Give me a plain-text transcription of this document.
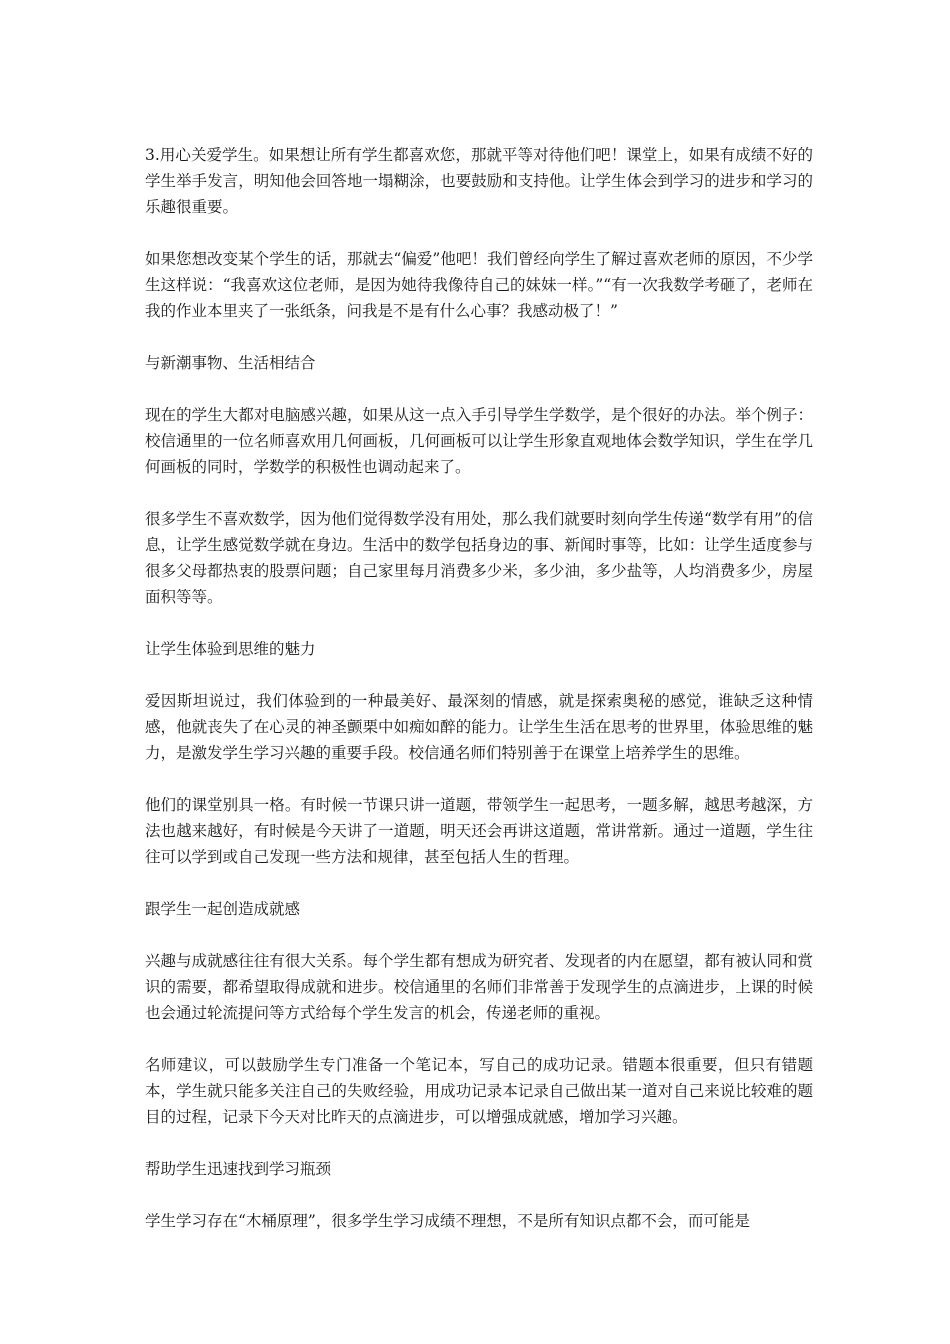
3.用心关爱学生。如果想让所有学生都喜欢您，那就平等对待他们吧！课堂上，如果有成绩不好的学生举手发言，明知他会回答地一塌糊涂，也要鼓励和支持他。让学生体会到学习的进步和学习的乐趣很重要。

如果您想改变某个学生的话，那就去“偏爱”他吧！我们曾经向学生了解过喜欢老师的原因，不少学生这样说：“我喜欢这位老师，是因为她待我像待自己的妹妹一样。”“有一次我数学考砸了，老师在我的作业本里夹了一张纸条，问我是不是有什么心事？我感动极了！”

与新潮事物、生活相结合

现在的学生大都对电脑感兴趣，如果从这一点入手引导学生学数学，是个很好的办法。举个例子：校信通里的一位名师喜欢用几何画板，几何画板可以让学生形象直观地体会数学知识，学生在学几何画板的同时，学数学的积极性也调动起来了。

很多学生不喜欢数学，因为他们觉得数学没有用处，那么我们就要时刻向学生传递“数学有用”的信息，让学生感觉数学就在身边。生活中的数学包括身边的事、新闻时事等，比如：让学生适度参与很多父母都热衷的股票问题；自己家里每月消费多少米，多少油，多少盐等，人均消费多少，房屋面积等等。

让学生体验到思维的魅力

爱因斯坦说过，我们体验到的一种最美好、最深刻的情感，就是探索奥秘的感觉，谁缺乏这种情感，他就丧失了在心灵的神圣颤栗中如痴如醉的能力。让学生生活在思考的世界里，体验思维的魅力，是激发学生学习兴趣的重要手段。校信通名师们特别善于在课堂上培养学生的思维。

他们的课堂别具一格。有时候一节课只讲一道题，带领学生一起思考，一题多解，越思考越深，方法也越来越好，有时候是今天讲了一道题，明天还会再讲这道题，常讲常新。通过一道题，学生往往可以学到或自己发现一些方法和规律，甚至包括人生的哲理。

跟学生一起创造成就感

兴趣与成就感往往有很大关系。每个学生都有想成为研究者、发现者的内在愿望，都有被认同和赏识的需要，都希望取得成就和进步。校信通里的名师们非常善于发现学生的点滴进步，上课的时候也会通过轮流提问等方式给每个学生发言的机会，传递老师的重视。

名师建议，可以鼓励学生专门准备一个笔记本，写自己的成功记录。错题本很重要，但只有错题本，学生就只能多关注自己的失败经验，用成功记录本记录自己做出某一道对自己来说比较难的题目的过程，记录下今天对比昨天的点滴进步，可以增强成就感，增加学习兴趣。

帮助学生迅速找到学习瓶颈

学生学习存在“木桶原理”，很多学生学习成绩不理想，不是所有知识点都不会，而可能是
